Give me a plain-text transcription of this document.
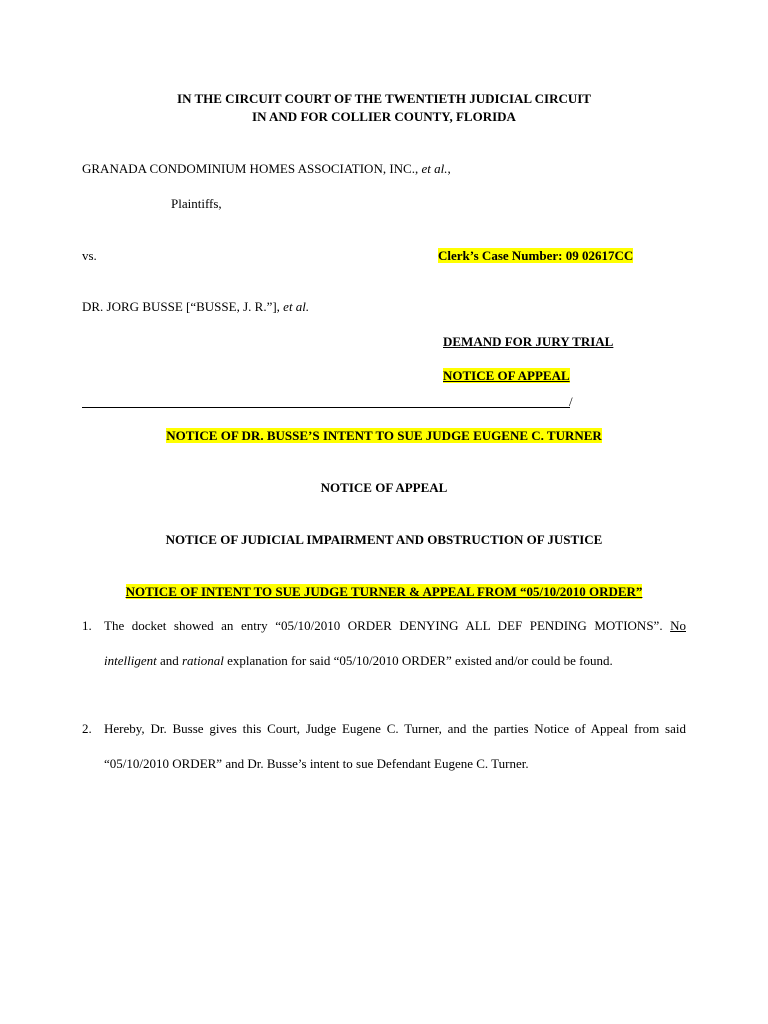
IN THE CIRCUIT COURT OF THE TWENTIETH JUDICIAL CIRCUIT
IN AND FOR COLLIER COUNTY, FLORIDA
GRANADA CONDOMINIUM HOMES ASSOCIATION, INC., et al.,
Plaintiffs,
vs.	Clerk’s Case Number: 09 02617CC
DR. JORG BUSSE [“BUSSE, J. R.”], et al.
DEMAND FOR JURY TRIAL
NOTICE OF APPEAL
/
NOTICE OF DR. BUSSE’S INTENT TO SUE JUDGE EUGENE C. TURNER
NOTICE OF APPEAL
NOTICE OF JUDICIAL IMPAIRMENT AND OBSTRUCTION OF JUSTICE
NOTICE OF INTENT TO SUE JUDGE TURNER & APPEAL FROM “05/10/2010 ORDER”
1. The docket showed an entry “05/10/2010 ORDER DENYING ALL DEF PENDING MOTIONS”. No intelligent and rational explanation for said “05/10/2010 ORDER” existed and/or could be found.
2. Hereby, Dr. Busse gives this Court, Judge Eugene C. Turner, and the parties Notice of Appeal from said “05/10/2010 ORDER” and Dr. Busse’s intent to sue Defendant Eugene C. Turner.
